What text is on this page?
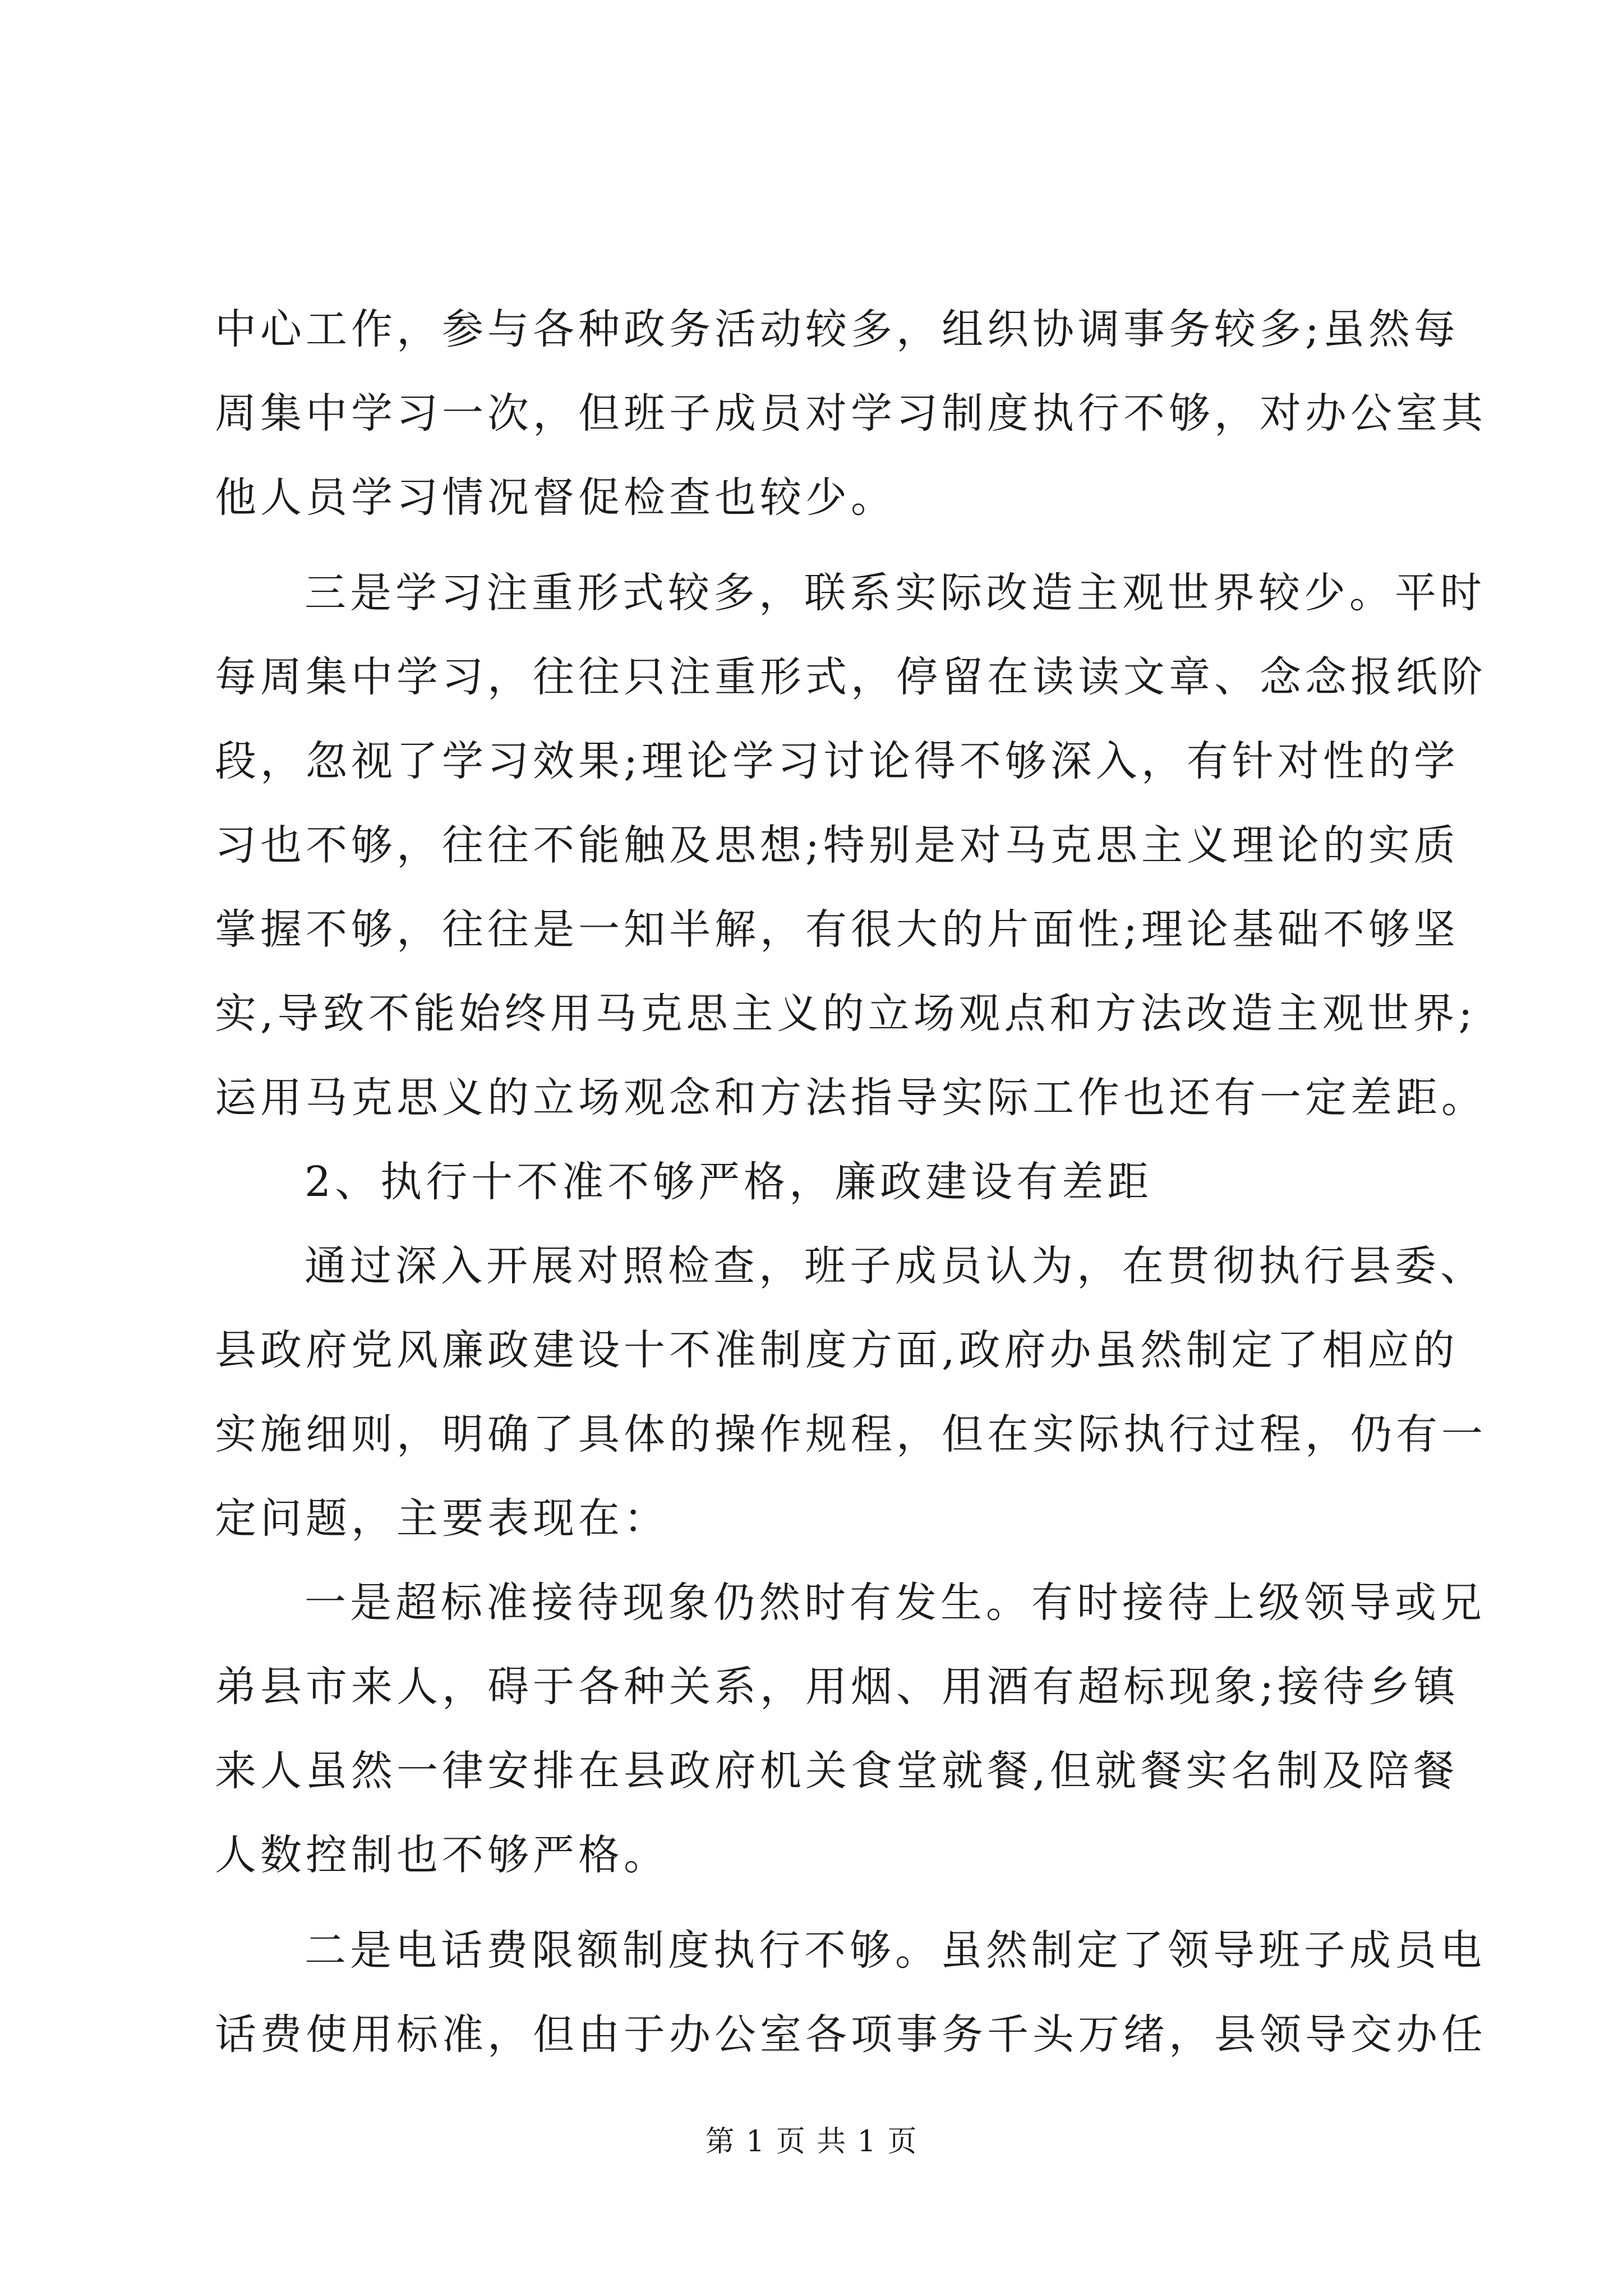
中心工作，参与各种政务活动较多，组织协调事务较多;虽然每
周集中学习一次，但班子成员对学习制度执行不够，对办公室其
他人员学习情况督促检查也较少。
三是学习注重形式较多，联系实际改造主观世界较少。平时
每周集中学习，往往只注重形式，停留在读读文章、念念报纸阶
段，忽视了学习效果;理论学习讨论得不够深入，有针对性的学
习也不够，往往不能触及思想;特别是对马克思主义理论的实质
掌握不够，往往是一知半解，有很大的片面性;理论基础不够坚
实,导致不能始终用马克思主义的立场观点和方法改造主观世界;
运用马克思义的立场观念和方法指导实际工作也还有一定差距。
2、执行十不准不够严格，廉政建设有差距
通过深入开展对照检查，班子成员认为，在贯彻执行县委、
县政府党风廉政建设十不准制度方面,政府办虽然制定了相应的
实施细则，明确了具体的操作规程，但在实际执行过程，仍有一
定问题，主要表现在：
一是超标准接待现象仍然时有发生。有时接待上级领导或兄
弟县市来人，碍于各种关系，用烟、用酒有超标现象;接待乡镇
来人虽然一律安排在县政府机关食堂就餐,但就餐实名制及陪餐
人数控制也不够严格。
二是电话费限额制度执行不够。虽然制定了领导班子成员电
话费使用标准，但由于办公室各项事务千头万绪，县领导交办任
第 1 页 共 1 页
